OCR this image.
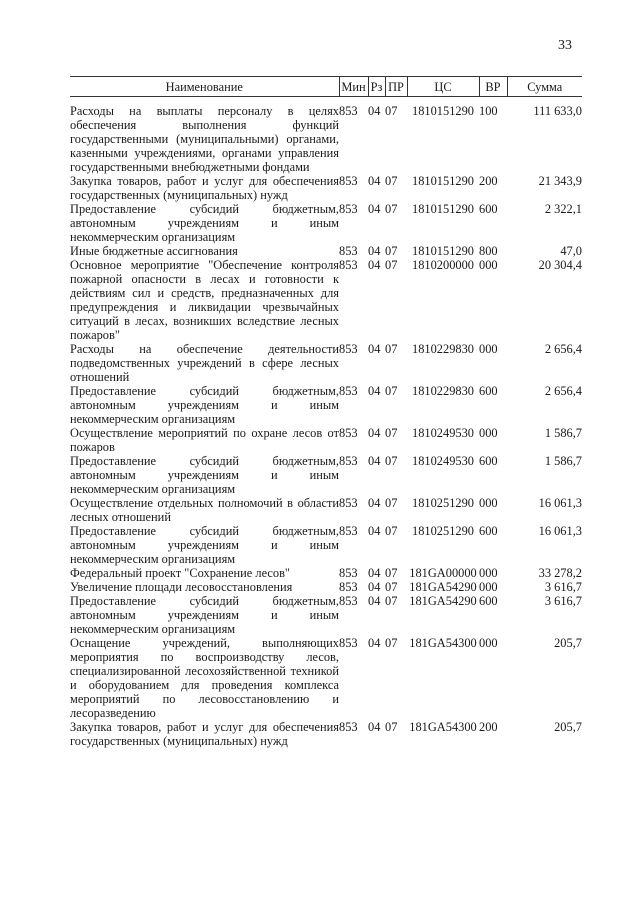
33
Наименование	Мин	Рз	ПР	ЦС	ВР	Сумма
Расходы на выплаты персоналу в целях обеспечения выполнения функций государственными (муниципальными) органами, казенными учреждениями, органами управления государственными внебюджетными фондами	853	04	07	1810151290	100	111 633,0
Закупка товаров, работ и услуг для обеспечения государственных (муниципальных) нужд	853	04	07	1810151290	200	21 343,9
Предоставление субсидий бюджетным, автономным учреждениям и иным некоммерческим организациям	853	04	07	1810151290	600	2 322,1
Иные бюджетные ассигнования	853	04	07	1810151290	800	47,0
Основное мероприятие "Обеспечение контроля пожарной опасности в лесах и готовности к действиям сил и средств, предназначенных для предупреждения и ликвидации чрезвычайных ситуаций в лесах, возникших вследствие лесных пожаров"	853	04	07	1810200000	000	20 304,4
Расходы на обеспечение деятельности подведомственных учреждений в сфере лесных отношений	853	04	07	1810229830	000	2 656,4
Предоставление субсидий бюджетным, автономным учреждениям и иным некоммерческим организациям	853	04	07	1810229830	600	2 656,4
Осуществление мероприятий по охране лесов от пожаров	853	04	07	1810249530	000	1 586,7
Предоставление субсидий бюджетным, автономным учреждениям и иным некоммерческим организациям	853	04	07	1810249530	600	1 586,7
Осуществление отдельных полномочий в области лесных отношений	853	04	07	1810251290	000	16 061,3
Предоставление субсидий бюджетным, автономным учреждениям и иным некоммерческим организациям	853	04	07	1810251290	600	16 061,3
Федеральный проект "Сохранение лесов"	853	04	07	181GA00000	000	33 278,2
Увеличение площади лесовосстановления	853	04	07	181GA54290	000	3 616,7
Предоставление субсидий бюджетным, автономным учреждениям и иным некоммерческим организациям	853	04	07	181GA54290	600	3 616,7
Оснащение учреждений, выполняющих мероприятия по воспроизводству лесов, специализированной лесохозяйственной техникой и оборудованием для проведения комплекса мероприятий по лесовосстановлению и лесоразведению	853	04	07	181GA54300	000	205,7
Закупка товаров, работ и услуг для обеспечения государственных (муниципальных) нужд	853	04	07	181GA54300	200	205,7
